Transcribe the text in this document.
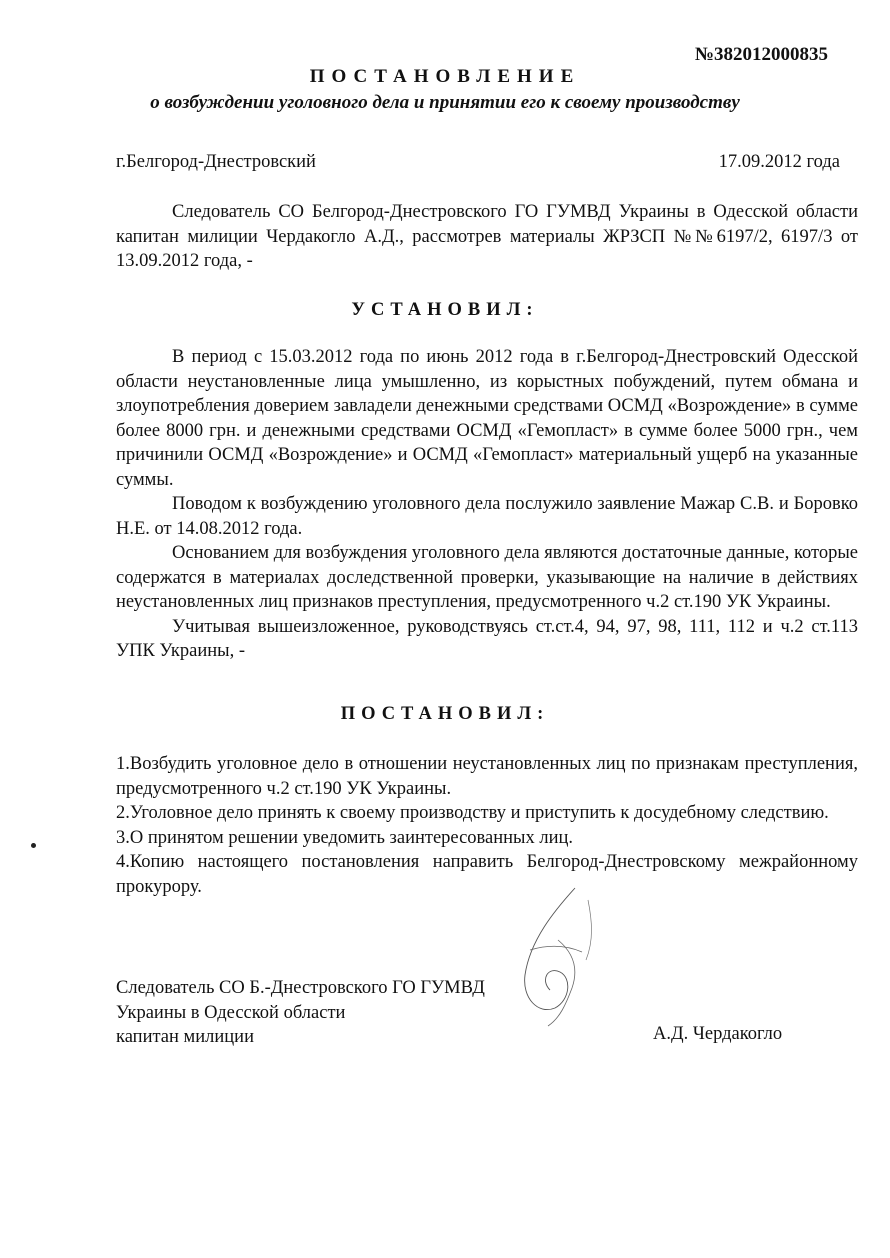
№382012000835
ПОСТАНОВЛЕНИЕ
о возбуждении уголовного дела и принятии его к своему производству
г.Белгород-Днестровский	17.09.2012 года
Следователь СО Белгород-Днестровского ГО ГУМВД Украины в Одесской области капитан милиции Чердакогло А.Д., рассмотрев материалы ЖРЗСП №№6197/2, 6197/3 от 13.09.2012 года, -
УСТАНОВИЛ:

В период с 15.03.2012 года по июнь 2012 года в г.Белгород-Днестровский Одесской области неустановленные лица умышленно, из корыстных побуждений, путем обмана и злоупотребления доверием завладели денежными средствами ОСМД «Возрождение» в сумме более 8000 грн. и денежными средствами ОСМД «Гемопласт» в сумме более 5000 грн., чем причинили ОСМД «Возрождение» и ОСМД «Гемопласт» материальный ущерб на указанные суммы.

Поводом к возбуждению уголовного дела послужило заявление Мажар С.В. и Боровко Н.Е. от 14.08.2012 года.

Основанием для возбуждения уголовного дела являются достаточные данные, которые содержатся в материалах доследственной проверки, указывающие на наличие в действиях неустановленных лиц признаков преступления, предусмотренного ч.2 ст.190 УК Украины.

Учитывая вышеизложенное, руководствуясь ст.ст.4, 94, 97, 98, 111, 112 и ч.2 ст.113 УПК Украины, -

ПОСТАНОВИЛ:

1.Возбудить уголовное дело в отношении неустановленных лиц по признакам преступления, предусмотренного ч.2 ст.190 УК Украины.

2.Уголовное дело принять к своему производству и приступить к досудебному следствию.

3.О принятом решении уведомить заинтересованных лиц.

4.Копию настоящего постановления направить Белгород-Днестровскому межрайонному прокурору.

Следователь СО Б.-Днестровского ГО ГУМВД
Украины в Одесской области
капитан милиции	А.Д. Чердакогло
